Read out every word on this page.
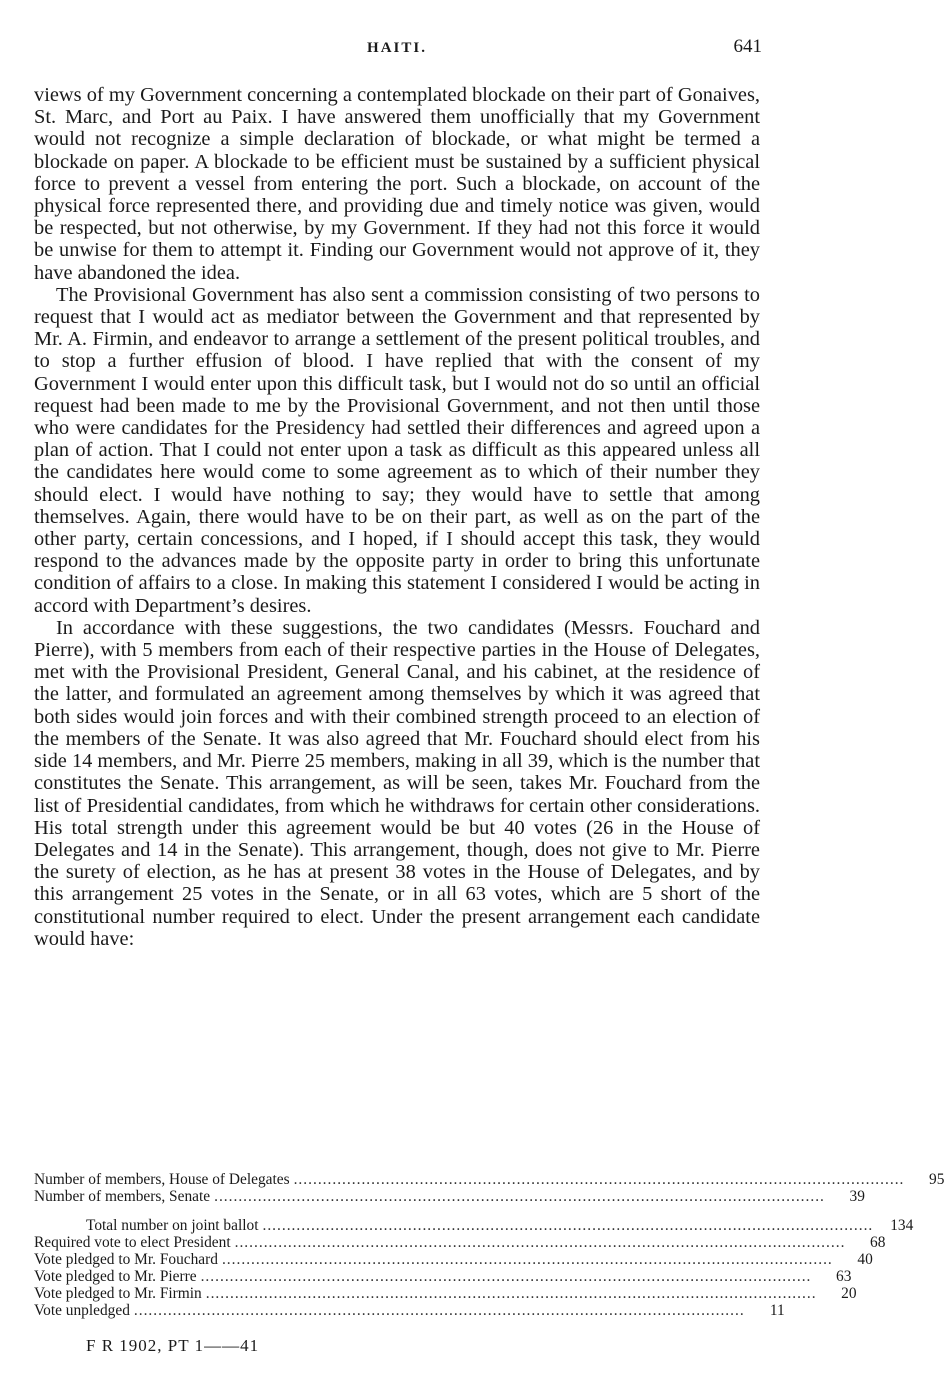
HAITI.	641

views of my Government concerning a contemplated blockade on their part of Gonaives, St. Marc, and Port au Paix. I have answered them unofficially that my Government would not recognize a simple declaration of blockade, or what might be termed a blockade on paper. A blockade to be efficient must be sustained by a sufficient physical force to prevent a vessel from entering the port. Such a blockade, on account of the physical force represented there, and providing due and timely notice was given, would be respected, but not otherwise, by my Government. If they had not this force it would be unwise for them to attempt it. Finding our Government would not approve of it, they have abandoned the idea.

The Provisional Government has also sent a commission consisting of two persons to request that I would act as mediator between the Government and that represented by Mr. A. Firmin, and endeavor to arrange a settlement of the present political troubles, and to stop a further effusion of blood. I have replied that with the consent of my Government I would enter upon this difficult task, but I would not do so until an official request had been made to me by the Provisional Government, and not then until those who were candidates for the Presidency had settled their differences and agreed upon a plan of action. That I could not enter upon a task as difficult as this appeared unless all the candidates here would come to some agreement as to which of their number they should elect. I would have nothing to say; they would have to settle that among themselves. Again, there would have to be on their part, as well as on the part of the other party, certain concessions, and I hoped, if I should accept this task, they would respond to the advances made by the opposite party in order to bring this unfortunate condition of affairs to a close. In making this statement I considered I would be acting in accord with Department’s desires.

In accordance with these suggestions, the two candidates (Messrs. Fouchard and Pierre), with 5 members from each of their respective parties in the House of Delegates, met with the Provisional President, General Canal, and his cabinet, at the residence of the latter, and formulated an agreement among themselves by which it was agreed that both sides would join forces and with their combined strength proceed to an election of the members of the Senate. It was also agreed that Mr. Fouchard should elect from his side 14 members, and Mr. Pierre 25 members, making in all 39, which is the number that constitutes the Senate. This arrangement, as will be seen, takes Mr. Fouchard from the list of Presidential candidates, from which he withdraws for certain other considerations. His total strength under this agreement would be but 40 votes (26 in the House of Delegates and 14 in the Senate). This arrangement, though, does not give to Mr. Pierre the surety of election, as he has at present 38 votes in the House of Delegates, and by this arrangement 25 votes in the Senate, or in all 63 votes, which are 5 short of the constitutional number required to elect. Under the present arrangement each candidate would have:

Number of members, House of Delegates ..............................................................................................................................	95
Number of members, Senate ..............................................................................................................................	39
Total number on joint ballot ..............................................................................................................................	134
Required vote to elect President ..............................................................................................................................	68
Vote pledged to Mr. Fouchard ..............................................................................................................................	40
Vote pledged to Mr. Pierre ..............................................................................................................................	63
Vote pledged to Mr. Firmin ..............................................................................................................................	20
Vote unpledged ..............................................................................................................................	11
F R 1902, PT 1——41
